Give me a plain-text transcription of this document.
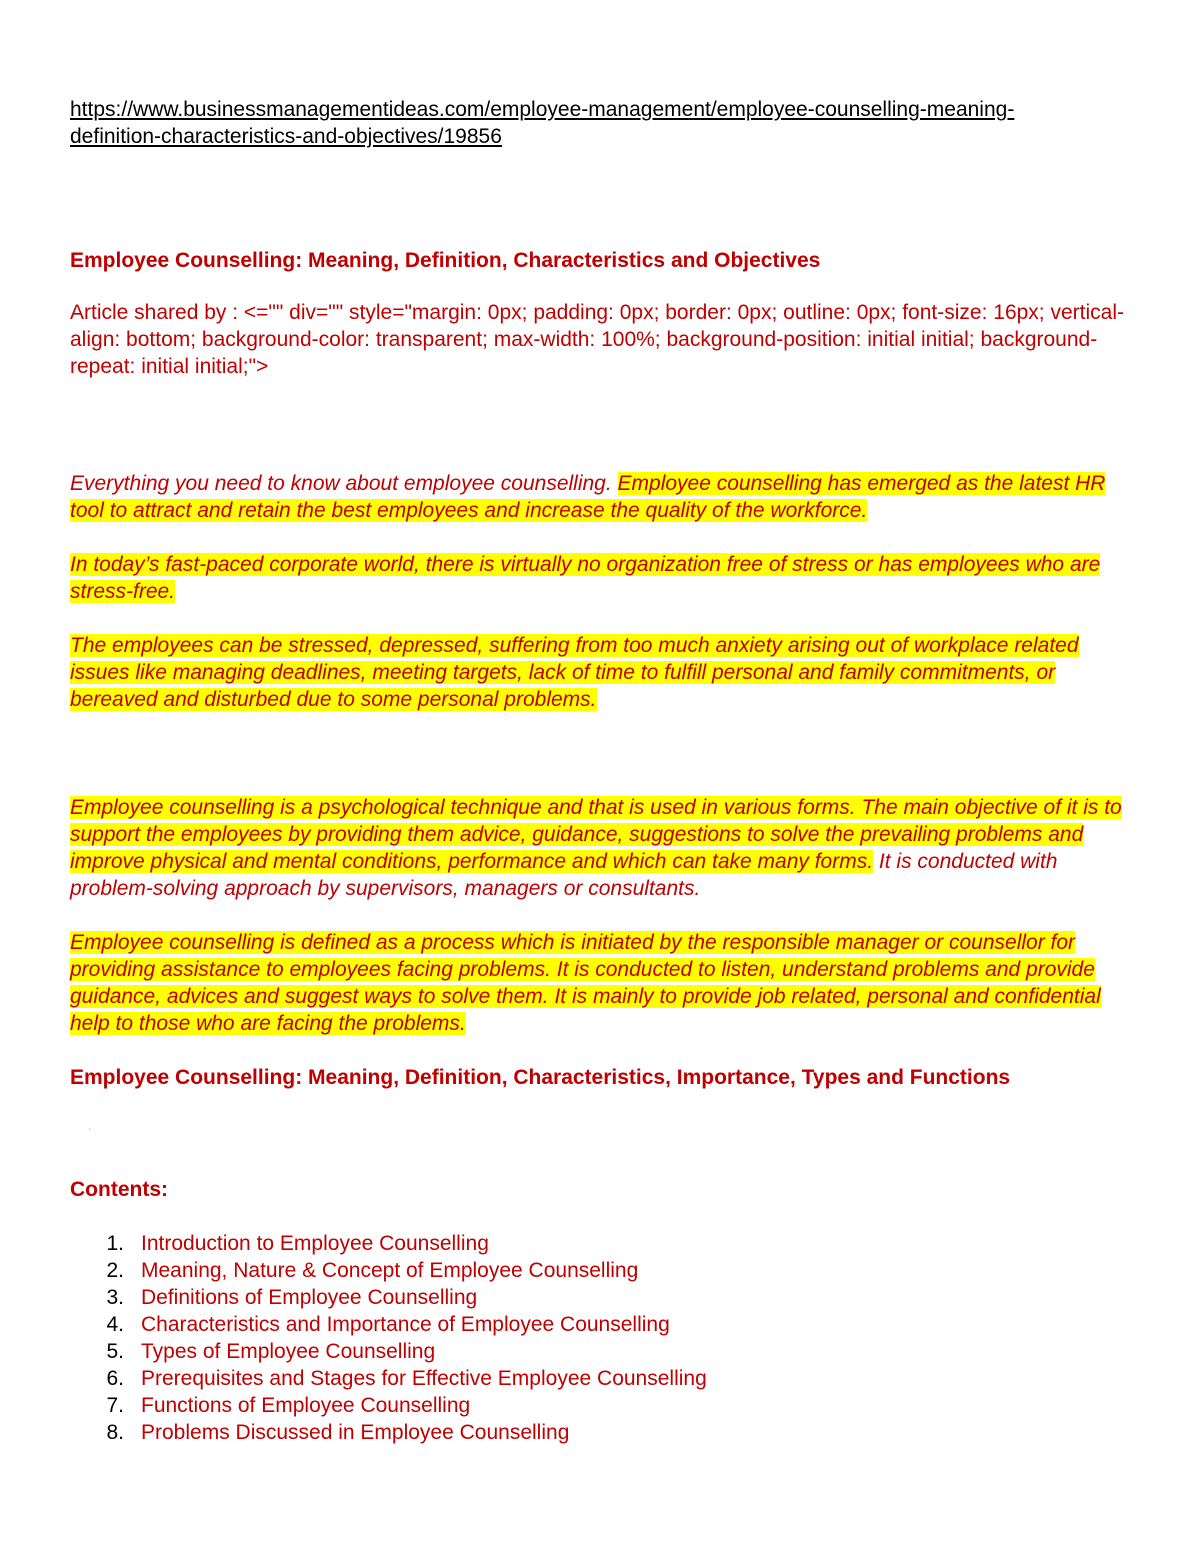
https://www.businessmanagementideas.com/employee-management/employee-counselling-meaning-
definition-characteristics-and-objectives/19856

Employee Counselling: Meaning, Definition, Characteristics and Objectives

Article shared by : <="" div="" style="margin: 0px; padding: 0px; border: 0px; outline: 0px; font-size: 16px; vertical-align: bottom; background-color: transparent; max-width: 100%; background-position: initial initial; background-repeat: initial initial;">

Everything you need to know about employee counselling. Employee counselling has emerged as the latest HR tool to attract and retain the best employees and increase the quality of the workforce.

In today’s fast-paced corporate world, there is virtually no organization free of stress or has employees who are stress-free.

The employees can be stressed, depressed, suffering from too much anxiety arising out of workplace related issues like managing deadlines, meeting targets, lack of time to fulfill personal and family commitments, or bereaved and disturbed due to some personal problems.

Employee counselling is a psychological technique and that is used in various forms. The main objective of it is to support the employees by providing them advice, guidance, suggestions to solve the prevailing problems and improve physical and mental conditions, performance and which can take many forms. It is conducted with problem-solving approach by supervisors, managers or consultants.

Employee counselling is defined as a process which is initiated by the responsible manager or counsellor for providing assistance to employees facing problems. It is conducted to listen, understand problems and provide guidance, advices and suggest ways to solve them. It is mainly to provide job related, personal and confidential help to those who are facing the problems.

Employee Counselling: Meaning, Definition, Characteristics, Importance, Types and Functions

.

Contents:

1. Introduction to Employee Counselling
2. Meaning, Nature & Concept of Employee Counselling
3. Definitions of Employee Counselling
4. Characteristics and Importance of Employee Counselling
5. Types of Employee Counselling
6. Prerequisites and Stages for Effective Employee Counselling
7. Functions of Employee Counselling
8. Problems Discussed in Employee Counselling
